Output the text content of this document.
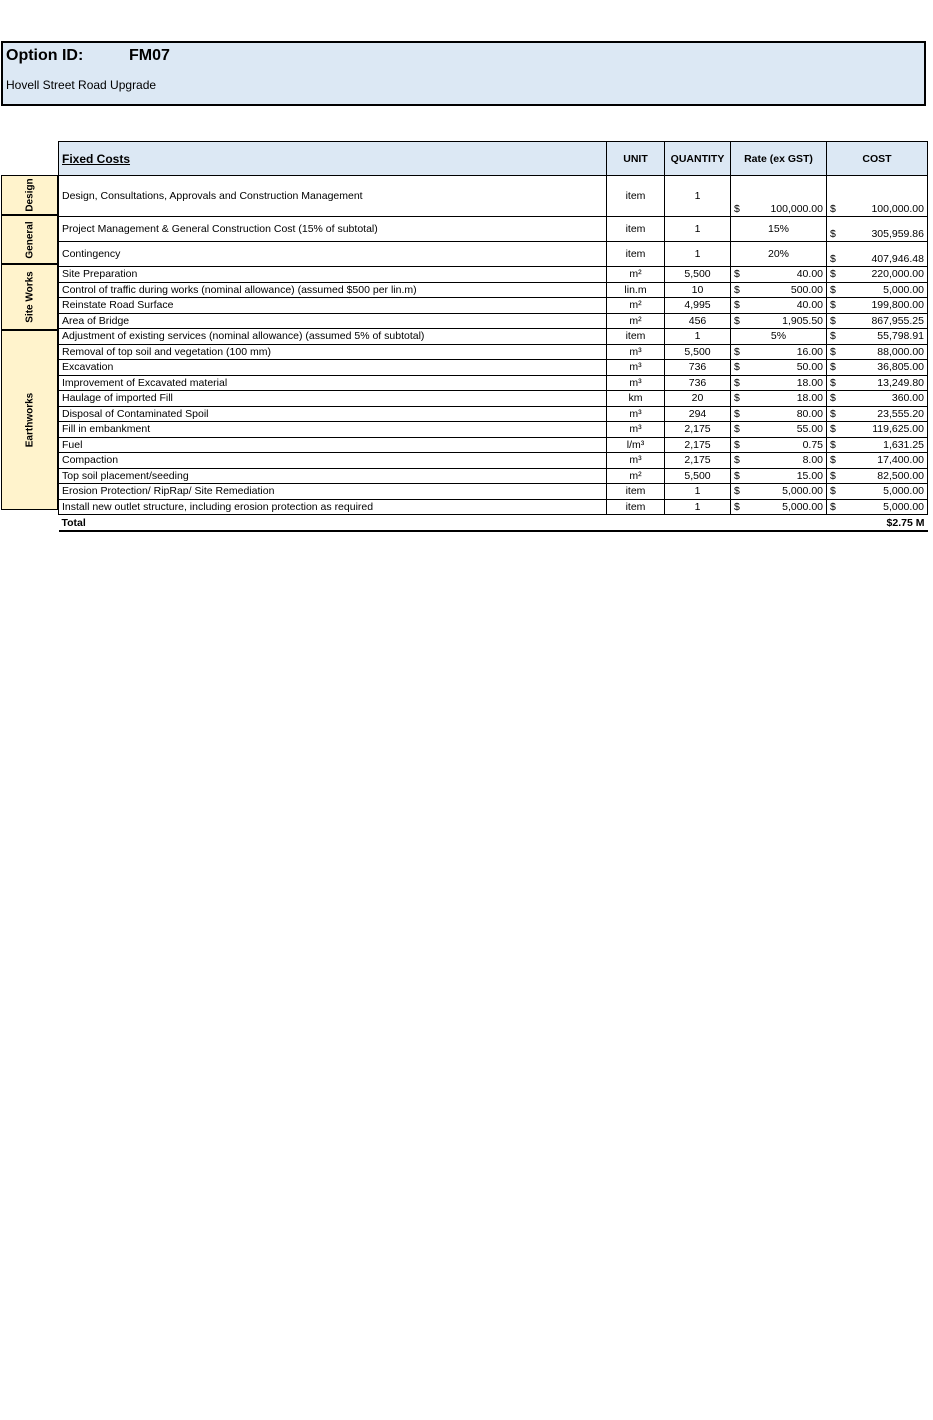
Option ID:	FM07
Hovell Street Road Upgrade
Design
General
Site Works
Earthworks
Fixed Costs	UNIT	QUANTITY	Rate (ex GST)	COST
Design, Consultations, Approvals and Construction Management	item	1	$ 100,000.00	$ 100,000.00

Project Management & General Construction Cost (15% of subtotal)	item	1	15%	$ 305,959.86

Contingency	item	1	20%	$ 407,946.48

Site Preparation	m²	5,500	$ 40.00	$ 220,000.00

Control of traffic during works (nominal allowance) (assumed $500 per lin.m)	lin.m	10	$ 500.00	$ 5,000.00

Reinstate Road Surface	m²	4,995	$ 40.00	$ 199,800.00

Area of Bridge	m²	456	$ 1,905.50	$ 867,955.25

Adjustment of existing services (nominal allowance) (assumed 5% of subtotal)	item	1	5%	$ 55,798.91

Removal of top soil and vegetation (100 mm)	m³	5,500	$ 16.00	$ 88,000.00

Excavation	m³	736	$ 50.00	$ 36,805.00

Improvement of Excavated material	m³	736	$ 18.00	$ 13,249.80

Haulage of imported Fill	km	20	$ 18.00	$ 360.00

Disposal of Contaminated Spoil	m³	294	$ 80.00	$ 23,555.20

Fill in embankment	m³	2,175	$ 55.00	$ 119,625.00

Fuel	l/m³	2,175	$ 0.75	$ 1,631.25

Compaction	m³	2,175	$ 8.00	$ 17,400.00

Top soil placement/seeding	m²	5,500	$ 15.00	$ 82,500.00

Erosion Protection/ RipRap/ Site Remediation	item	1	$ 5,000.00	$ 5,000.00

Install new outlet structure, including erosion protection as required	item	1	$ 5,000.00	$ 5,000.00

Total				$2.75 M
